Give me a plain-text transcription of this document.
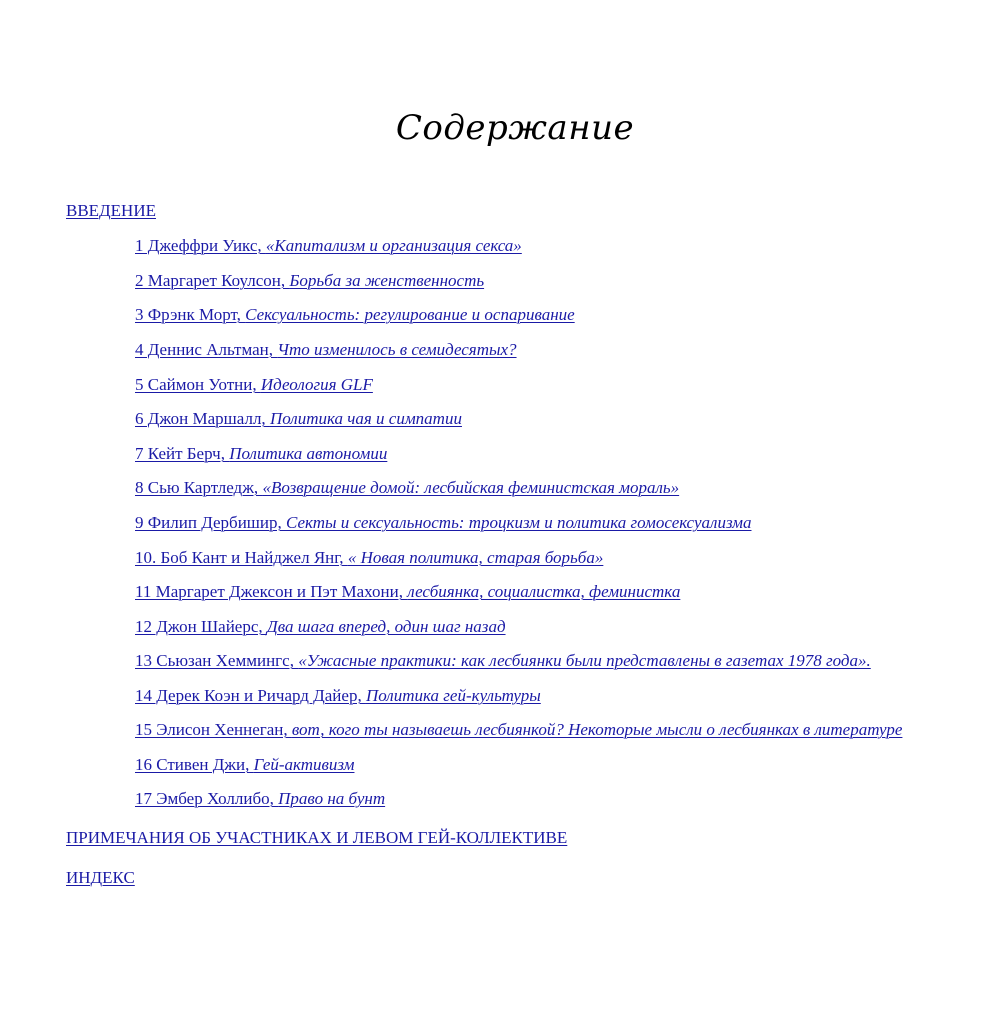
Содержание
ВВЕДЕНИЕ
1 Джеффри Уикс, «Капитализм и организация секса»
2 Маргарет Коулсон, Борьба за женственность
3 Фрэнк Морт, Сексуальность: регулирование и оспаривание
4 Деннис Альтман, Что изменилось в семидесятых?
5 Саймон Уотни, Идеология GLF
6 Джон Маршалл, Политика чая и симпатии
7 Кейт Берч, Политика автономии
8 Сью Картледж, «Возвращение домой: лесбийская феминистская мораль»
9 Филип Дербишир, Секты и сексуальность: троцкизм и политика гомосексуализма
10. Боб Кант и Найджел Янг, « Новая политика, старая борьба»
11 Маргарет Джексон и Пэт Махони, лесбиянка, социалистка, феминистка
12 Джон Шайерс, Два шага вперед, один шаг назад
13 Сьюзан Хеммингс, «Ужасные практики: как лесбиянки были представлены в газетах 1978 года».
14 Дерек Коэн и Ричард Дайер, Политика гей-культуры
15 Элисон Хеннеган, вот, кого ты называешь лесбиянкой? Некоторые мысли о лесбиянках в литературе
16 Стивен Джи, Гей-активизм
17 Эмбер Холлибо, Право на бунт
ПРИМЕЧАНИЯ ОБ УЧАСТНИКАХ И ЛЕВОМ ГЕЙ-КОЛЛЕКТИВЕ
ИНДЕКС
